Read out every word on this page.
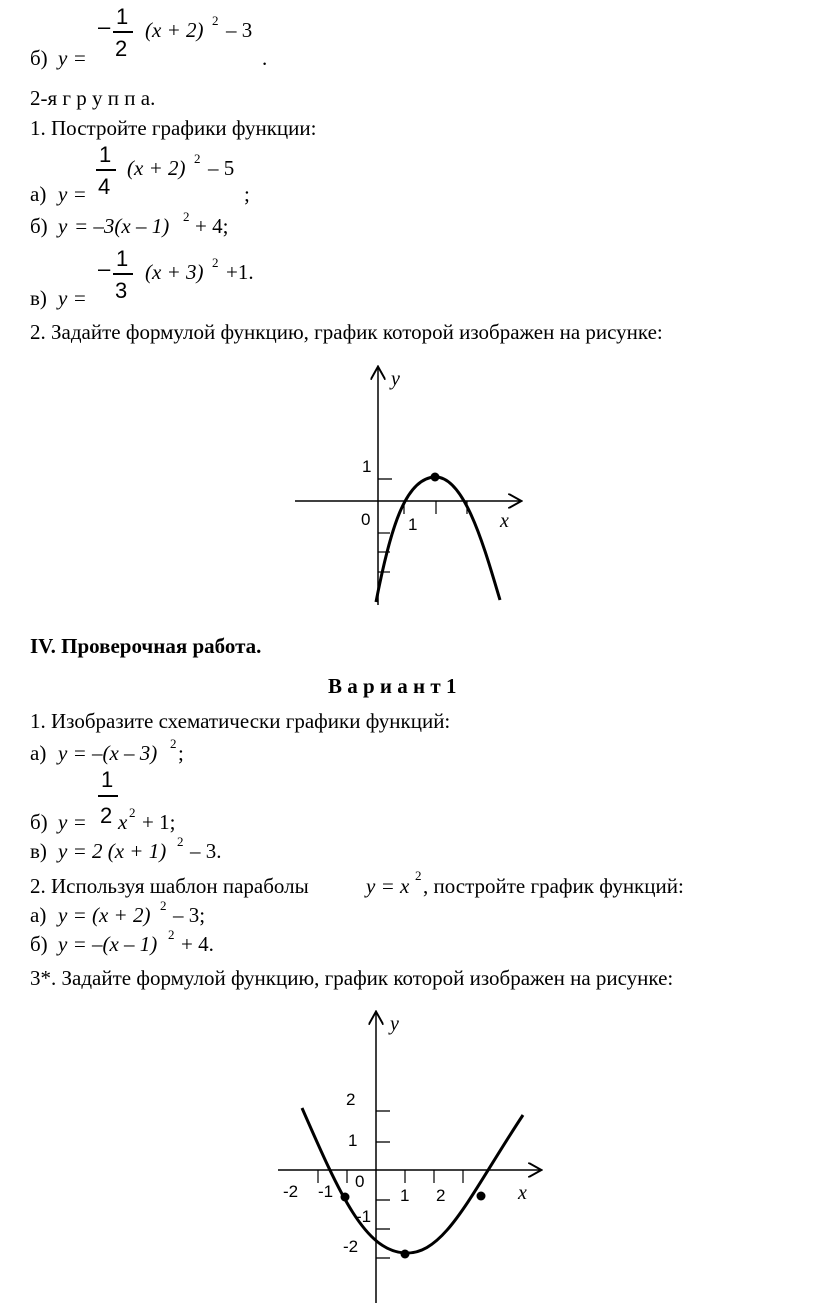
б) y =
– 1
2
(x + 2) 2 – 3
.
2-я г р у п п а.
1. Постройте графики функции:
а) y =
1
4
(x + 2) 2 – 5
;
б) y = –3(x – 1) 2 + 4;
в) y =
– 1
3
(x + 3) 2 +1.
2. Задайте формулой функцию, график которой изображен на рисунке:
y
x
0 1
1
IV. Проверочная работа.
В а р и а н т 1
1. Изобразите схематически графики функций:
а) y = –(x – 3) 2 ;
б) y =
1
2 x 2 + 1;
в) y = 2 (x + 1) 2 – 3.
2. Используя шаблон параболы	y = x 2 , постройте график функций:
а) y = (x + 2) 2 – 3;
б) y = –(x – 1) 2 + 4.
3*. Задайте формулой функцию, график которой изображен на рисунке:
y
x
0
-2 -1	1 2
2
1
-1
-2
